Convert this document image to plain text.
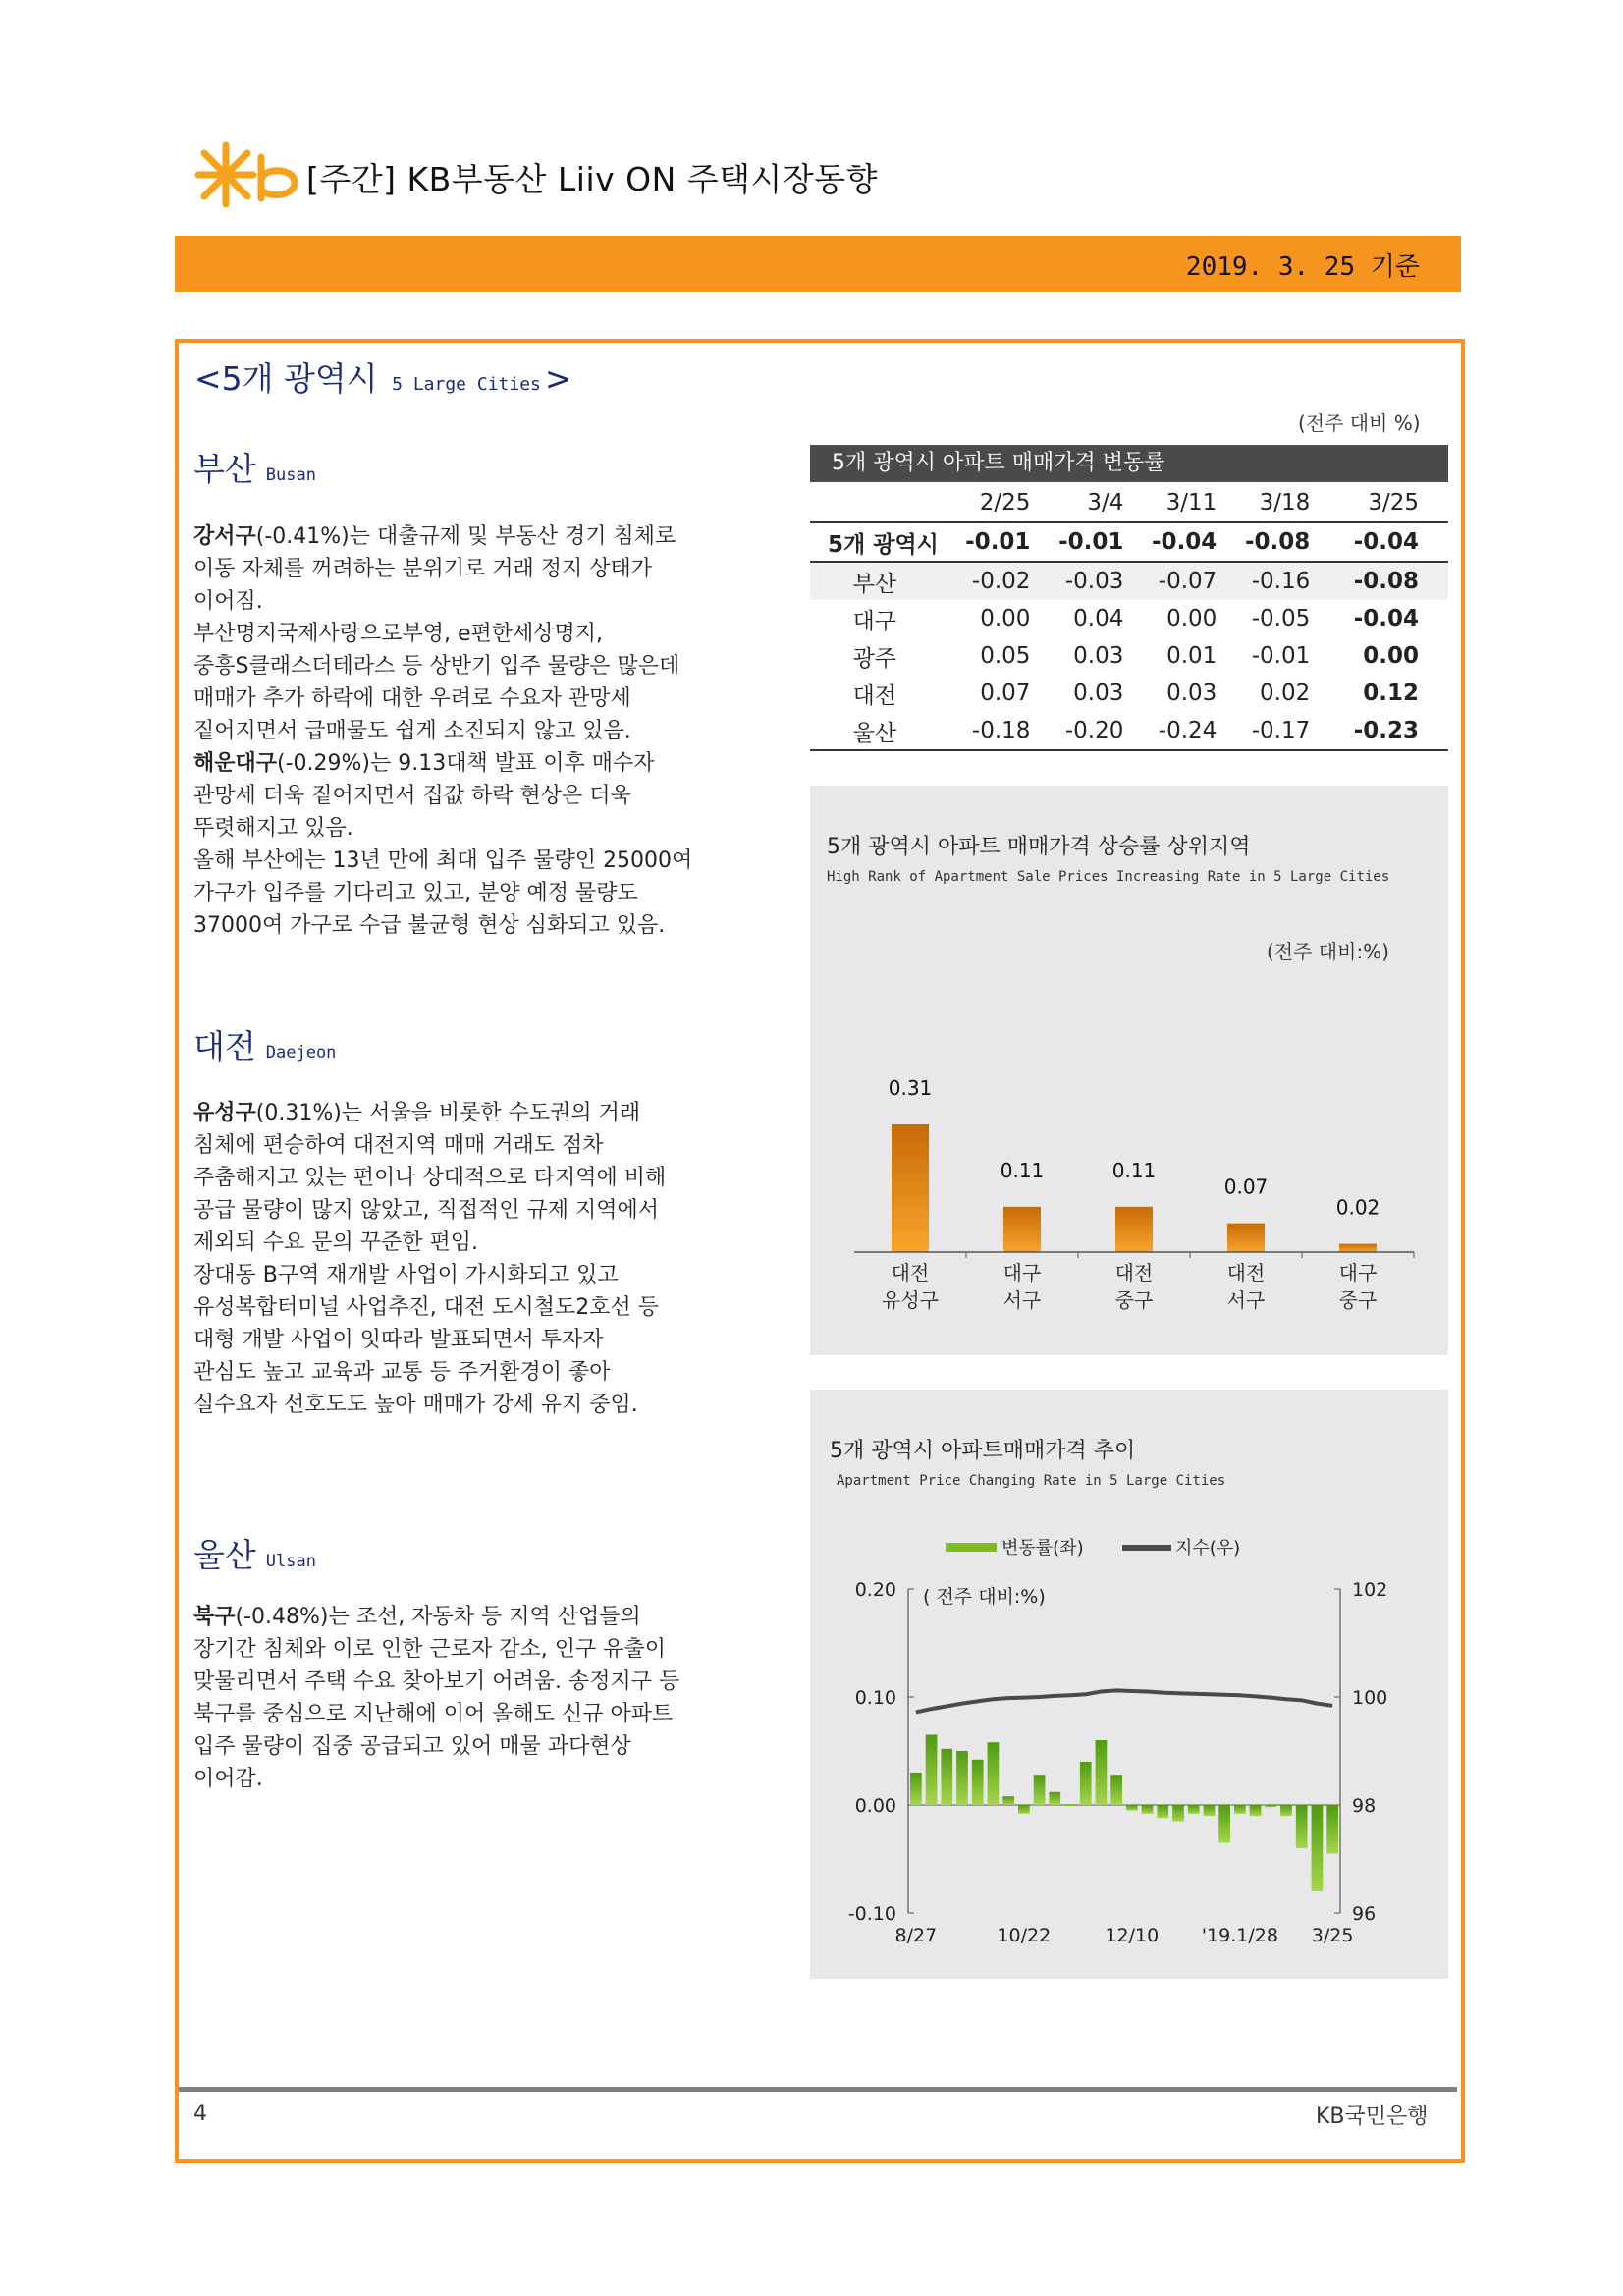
[주간] KB부동산 Liiv ON 주택시장동향
2019. 3. 25 기준
<5개 광역시 5 Large Cities >
(전주 대비 %)
부산 Busan
강서구(-0.41%)는 대출규제 및 부동산 경기 침체로
이동 자체를 꺼려하는 분위기로 거래 정지 상태가
이어짐.
부산명지국제사랑으로부영, e편한세상명지,
중흥S클래스더테라스 등 상반기 입주 물량은 많은데
매매가 추가 하락에 대한 우려로 수요자 관망세
짙어지면서 급매물도 쉽게 소진되지 않고 있음.
해운대구(-0.29%)는 9.13대책 발표 이후 매수자
관망세 더욱 짙어지면서 집값 하락 현상은 더욱
뚜렷해지고 있음.
올해 부산에는 13년 만에 최대 입주 물량인 25000여
가구가 입주를 기다리고 있고, 분양 예정 물량도
37000여 가구로 수급 불균형 현상 심화되고 있음.
대전 Daejeon
유성구(0.31%)는 서울을 비롯한 수도권의 거래
침체에 편승하여 대전지역 매매 거래도 점차
주춤해지고 있는 편이나 상대적으로 타지역에 비해
공급 물량이 많지 않았고, 직접적인 규제 지역에서
제외되 수요 문의 꾸준한 편임.
장대동 B구역 재개발 사업이 가시화되고 있고
유성복합터미널 사업추진, 대전 도시철도2호선 등
대형 개발 사업이 잇따라 발표되면서 투자자
관심도 높고 교육과 교통 등 주거환경이 좋아
실수요자 선호도도 높아 매매가 강세 유지 중임.
울산 Ulsan
북구(-0.48%)는 조선, 자동차 등 지역 산업들의
장기간 침체와 이로 인한 근로자 감소, 인구 유출이
맞물리면서 주택 수요 찾아보기 어려움. 송정지구 등
북구를 중심으로 지난해에 이어 올해도 신규 아파트
입주 물량이 집중 공급되고 있어 매물 과다현상
이어감.
5개 광역시 아파트 매매가격 변동률
	2/25	3/4	3/11	3/18	3/25
5개 광역시	-0.01	-0.01	-0.04	-0.08	-0.04
부산	-0.02	-0.03	-0.07	-0.16	-0.08
대구	0.00	0.04	0.00	-0.05	-0.04
광주	0.05	0.03	0.01	-0.01	0.00
대전	0.07	0.03	0.03	0.02	0.12
울산	-0.18	-0.20	-0.24	-0.17	-0.23
5개 광역시 아파트 매매가격 상승률 상위지역
High Rank of Apartment Sale Prices Increasing Rate in 5 Large Cities
(전주 대비:%)
0.31
대전
유성구
0.11
대구
서구
0.11
대전
중구
0.07
대전
서구
0.02
대구
중구
5개 광역시 아파트매매가격 추이
Apartment Price Changing Rate in 5 Large Cities
변동률(좌)	지수(우)
( 전주 대비:%)
0.20
0.10
0.00
-0.10
102
100
98
96
8/27	10/22	12/10 '19.1/28 3/25
4	KB국민은행
